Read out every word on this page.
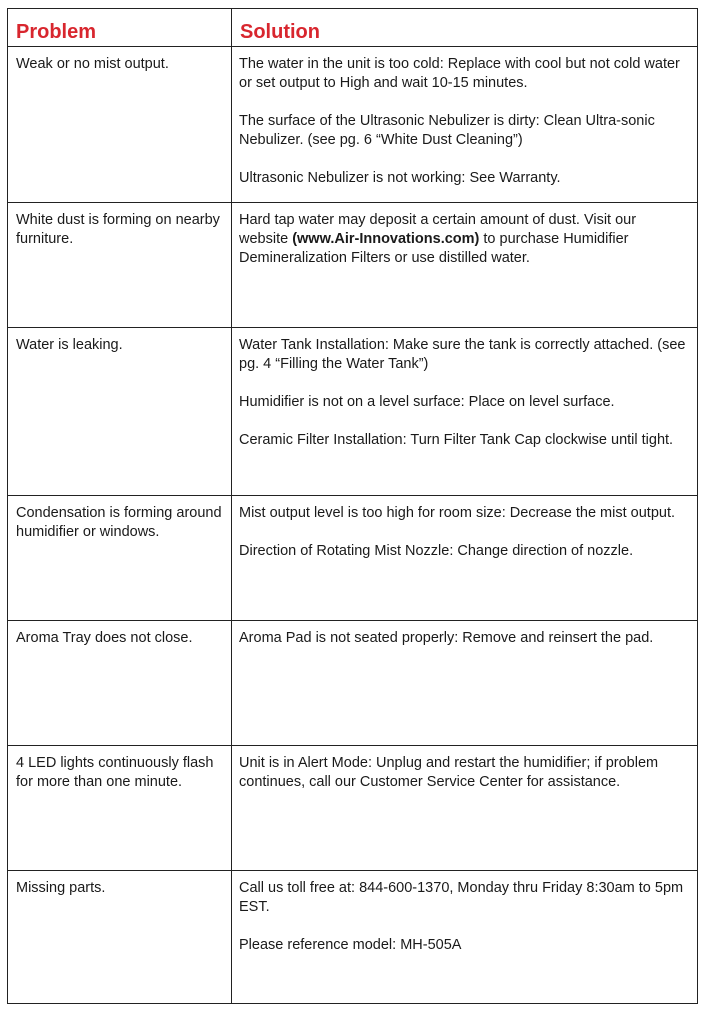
Problem	Solution

Weak or no mist output.	The water in the unit is too cold: Replace with cool but not cold water or set output to High and wait 10-15 minutes.

The surface of the Ultrasonic Nebulizer is dirty: Clean Ultra-sonic Nebulizer. (see pg. 6 “White Dust Cleaning”)

Ultrasonic Nebulizer is not working: See Warranty.

White dust is forming on nearby furniture.	Hard tap water may deposit a certain amount of dust. Visit our website (www.Air-Innovations.com) to purchase Humidifier Demineralization Filters or use distilled water.

Water is leaking.	Water Tank Installation: Make sure the tank is correctly attached. (see pg. 4 “Filling the Water Tank”)

Humidifier is not on a level surface: Place on level surface.

Ceramic Filter Installation: Turn Filter Tank Cap clockwise until tight.

Condensation is forming around humidifier or windows.	Mist output level is too high for room size: Decrease the mist output.

Direction of Rotating Mist Nozzle: Change direction of nozzle.

Aroma Tray does not close.	Aroma Pad is not seated properly: Remove and reinsert the pad.

4 LED lights continuously flash for more than one minute.	Unit is in Alert Mode: Unplug and restart the humidifier; if problem continues, call our Customer Service Center for assistance.

Missing parts.	Call us toll free at: 844-600-1370, Monday thru Friday 8:30am to 5pm EST.

Please reference model: MH-505A
